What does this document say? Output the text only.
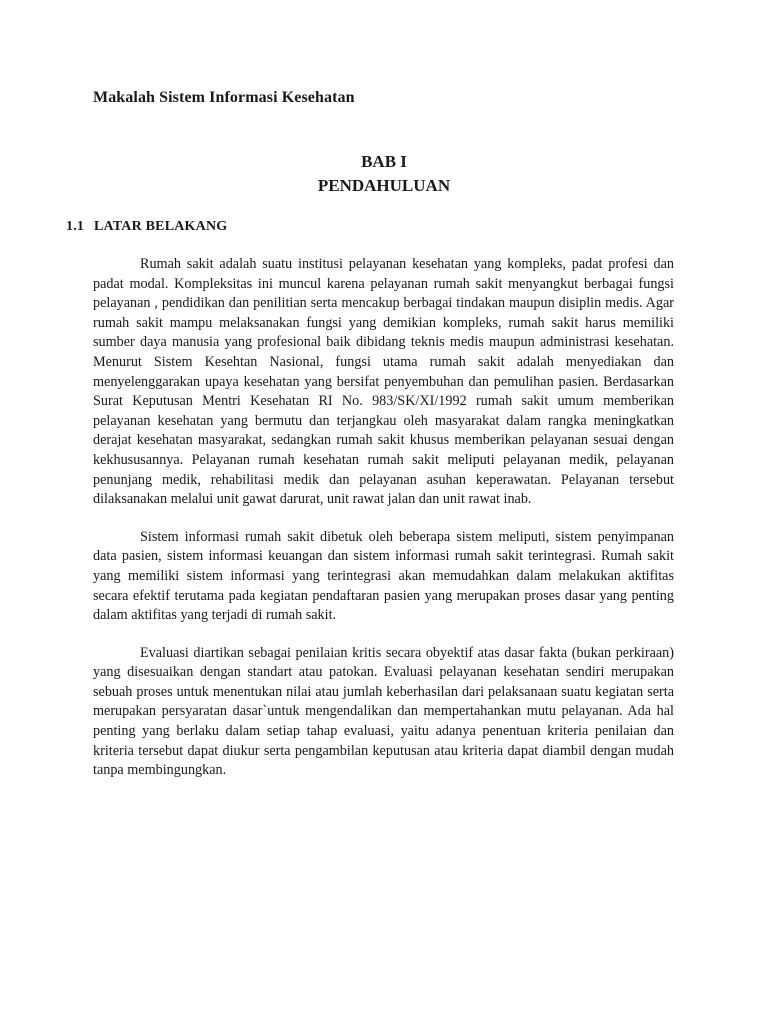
Makalah Sistem Informasi Kesehatan
BAB I
PENDAHULUAN
1.1 LATAR BELAKANG

Rumah sakit adalah suatu institusi pelayanan kesehatan yang kompleks, padat profesi dan padat modal. Kompleksitas ini muncul karena pelayanan rumah sakit menyangkut berbagai fungsi pelayanan , pendidikan dan penilitian serta mencakup berbagai tindakan maupun disiplin medis. Agar rumah sakit mampu melaksanakan fungsi yang demikian kompleks, rumah sakit harus memiliki sumber daya manusia yang profesional baik dibidang teknis medis maupun administrasi kesehatan. Menurut Sistem Kesehtan Nasional, fungsi utama rumah sakit adalah menyediakan dan menyelenggarakan upaya kesehatan yang bersifat penyembuhan dan pemulihan pasien. Berdasarkan Surat Keputusan Mentri Kesehatan RI No. 983/SK/XI/1992 rumah sakit umum memberikan pelayanan kesehatan yang bermutu dan terjangkau oleh masyarakat dalam rangka meningkatkan derajat kesehatan masyarakat, sedangkan rumah sakit khusus memberikan pelayanan sesuai dengan kekhususannya. Pelayanan rumah kesehatan rumah sakit meliputi pelayanan medik, pelayanan penunjang medik, rehabilitasi medik dan pelayanan asuhan keperawatan. Pelayanan tersebut dilaksanakan melalui unit gawat darurat, unit rawat jalan dan unit rawat inab.

Sistem informasi rumah sakit dibetuk oleh beberapa sistem meliputi, sistem penyimpanan data pasien, sistem informasi keuangan dan sistem informasi rumah sakit terintegrasi. Rumah sakit yang memiliki sistem informasi yang terintegrasi akan memudahkan dalam melakukan aktifitas secara efektif terutama pada kegiatan pendaftaran pasien yang merupakan proses dasar yang penting dalam aktifitas yang terjadi di rumah sakit.

Evaluasi diartikan sebagai penilaian kritis secara obyektif atas dasar fakta (bukan perkiraan) yang disesuaikan dengan standart atau patokan. Evaluasi pelayanan kesehatan sendiri merupakan sebuah proses untuk menentukan nilai atau jumlah keberhasilan dari pelaksanaan suatu kegiatan serta merupakan persyaratan dasar`untuk mengendalikan dan mempertahankan mutu pelayanan. Ada hal penting yang berlaku dalam setiap tahap evaluasi, yaitu adanya penentuan kriteria penilaian dan kriteria tersebut dapat diukur serta pengambilan keputusan atau kriteria dapat diambil dengan mudah tanpa membingungkan.
